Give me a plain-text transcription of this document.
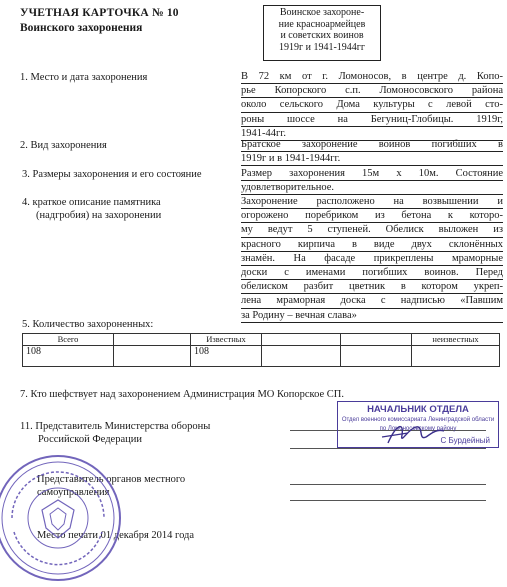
УЧЕТНАЯ КАРТОЧКА № 10
Воинского захоронения
Воинское захороне-
ние красноармейцев
и советских воинов
1919г и 1941-1944гг
1. Место и дата захоронения	В 72 км от г. Ломоносов, в центре д. Копо-
рье Копорского с.п. Ломоносовского района
около сельского Дома культуры с левой сто-
роны шоссе на Бегуниц-Глобицы. 1919г,
1941-44гг.
2. Вид захоронения	Братское захоронение воинов погибших в
1919г и в 1941-1944гг.
3. Размеры захоронения и его состояние	Размер захоронения 15м х 10м. Состояние
удовлетворительное.
4. краткое описание памятника
(надгробия) на захоронении
Захоронение расположено на возвышении и
огорожено поребриком из бетона к которо-
му ведут 5 ступеней. Обелиск выложен из
красного кирпича в виде двух склонённых
знамён. На фасаде прикреплены мраморные
доски с именами погибших воинов. Перед
обелиском разбит цветник в котором укреп-
лена мраморная доска с надписью «Павшим
за Родину – вечная слава»
5. Количество захороненных:
Всего		Известных			неизвестных
108		108			
7. Кто шефствует над захоронением Администрация МО Копорское СП.
11. Представитель Министерства обороны
Российской Федерации
НАЧАЛЬНИК ОТДЕЛА
Отдел военного комиссариата Ленинградской области
по Ломоносовскому району
С Бурдейный
Представитель органов местного
самоуправления
Место печати 01 декабря 2014 года
